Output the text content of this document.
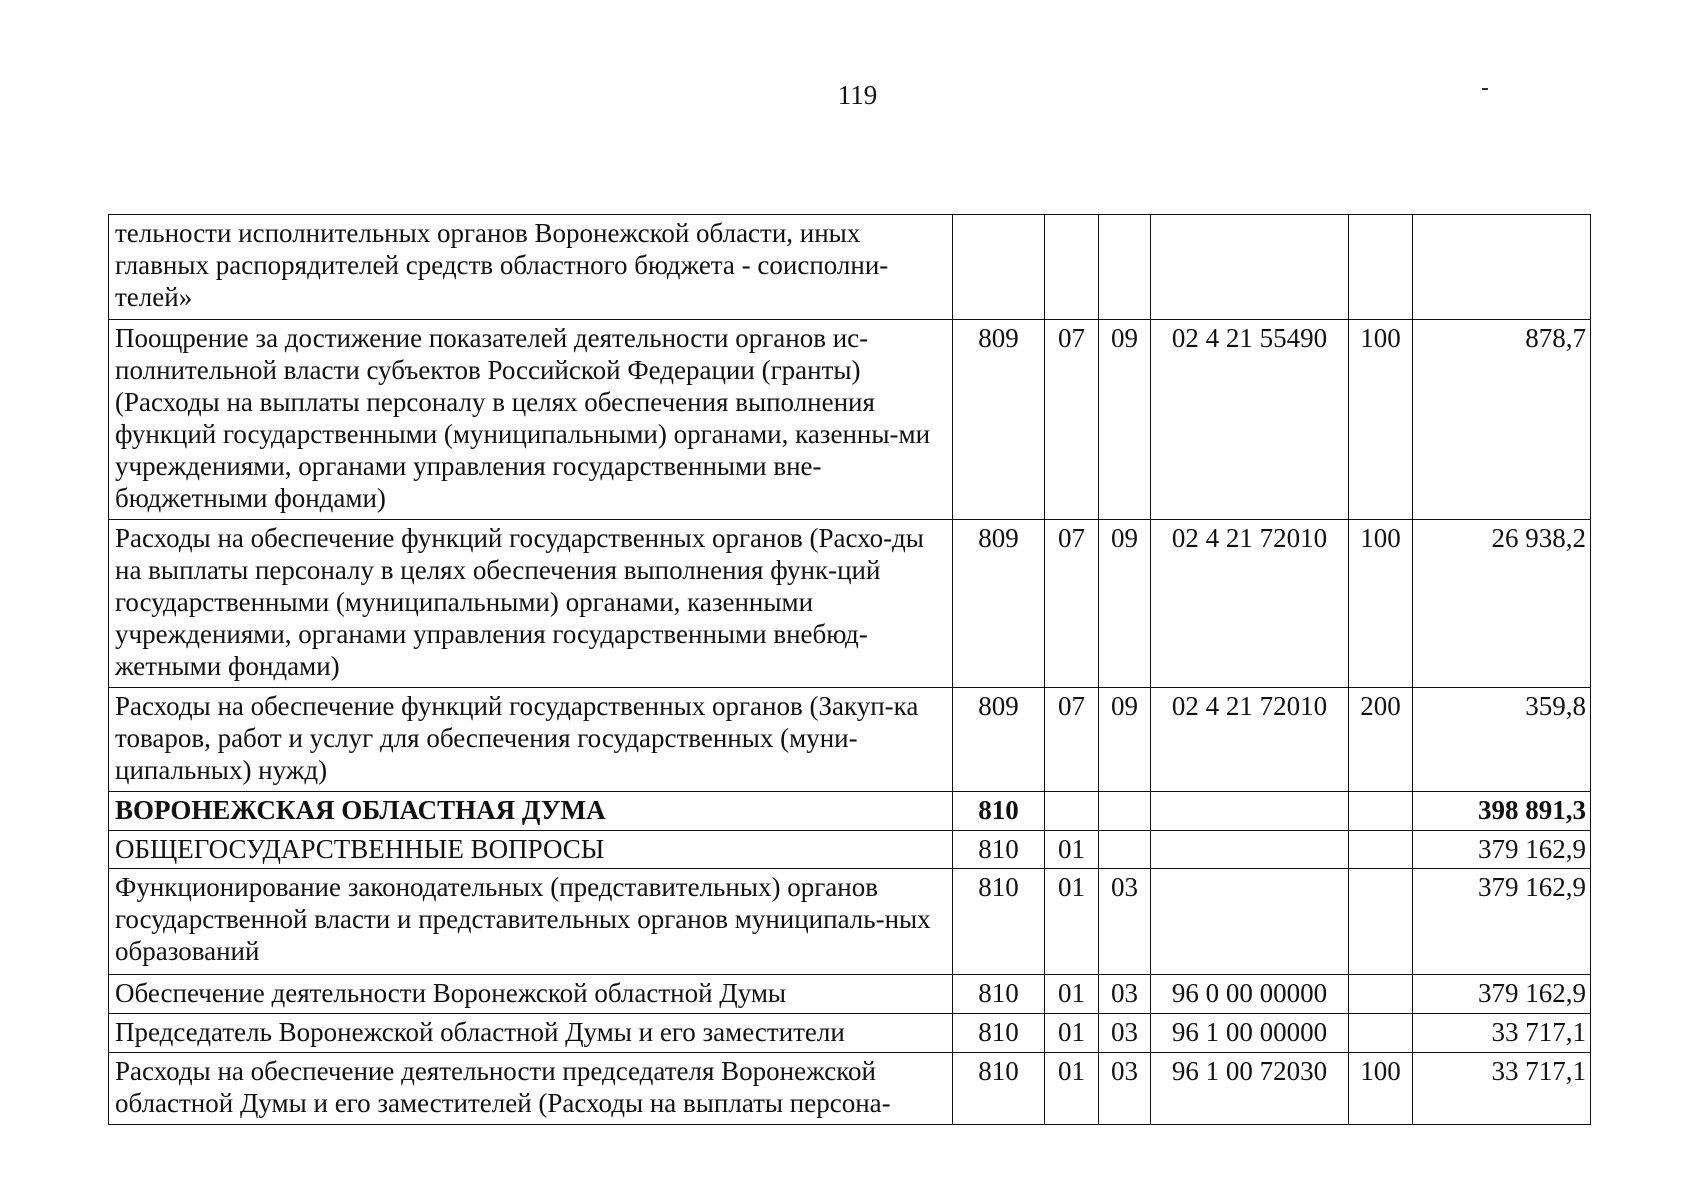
119
тельности исполнительных органов Воронежской области, иных главных распорядителей средств областного бюджета - соисполни-телей»						
Поощрение за достижение показателей деятельности органов ис-полнительной власти субъектов Российской Федерации (гранты) (Расходы на выплаты персоналу в целях обеспечения выполнения функций государственными (муниципальными) органами, казенны-ми учреждениями, органами управления государственными вне-бюджетными фондами)	809	07	09	02 4 21 55490	100	878,7
Расходы на обеспечение функций государственных органов (Расхо-ды на выплаты персоналу в целях обеспечения выполнения функ-ций государственными (муниципальными) органами, казенными учреждениями, органами управления государственными внебюд-жетными фондами)	809	07	09	02 4 21 72010	100	26 938,2
Расходы на обеспечение функций государственных органов (Закуп-ка товаров, работ и услуг для обеспечения государственных (муни-ципальных) нужд)	809	07	09	02 4 21 72010	200	359,8
ВОРОНЕЖСКАЯ ОБЛАСТНАЯ ДУМА	810					398 891,3
ОБЩЕГОСУДАРСТВЕННЫЕ ВОПРОСЫ	810	01				379 162,9
Функционирование законодательных (представительных) органов государственной власти и представительных органов муниципаль-ных образований	810	01	03			379 162,9
Обеспечение деятельности Воронежской областной Думы	810	01	03	96 0 00 00000		379 162,9
Председатель Воронежской областной Думы и его заместители	810	01	03	96 1 00 00000		33 717,1
Расходы на обеспечение деятельности председателя Воронежской областной Думы и его заместителей (Расходы на выплаты персона-	810	01	03	96 1 00 72030	100	33 717,1
